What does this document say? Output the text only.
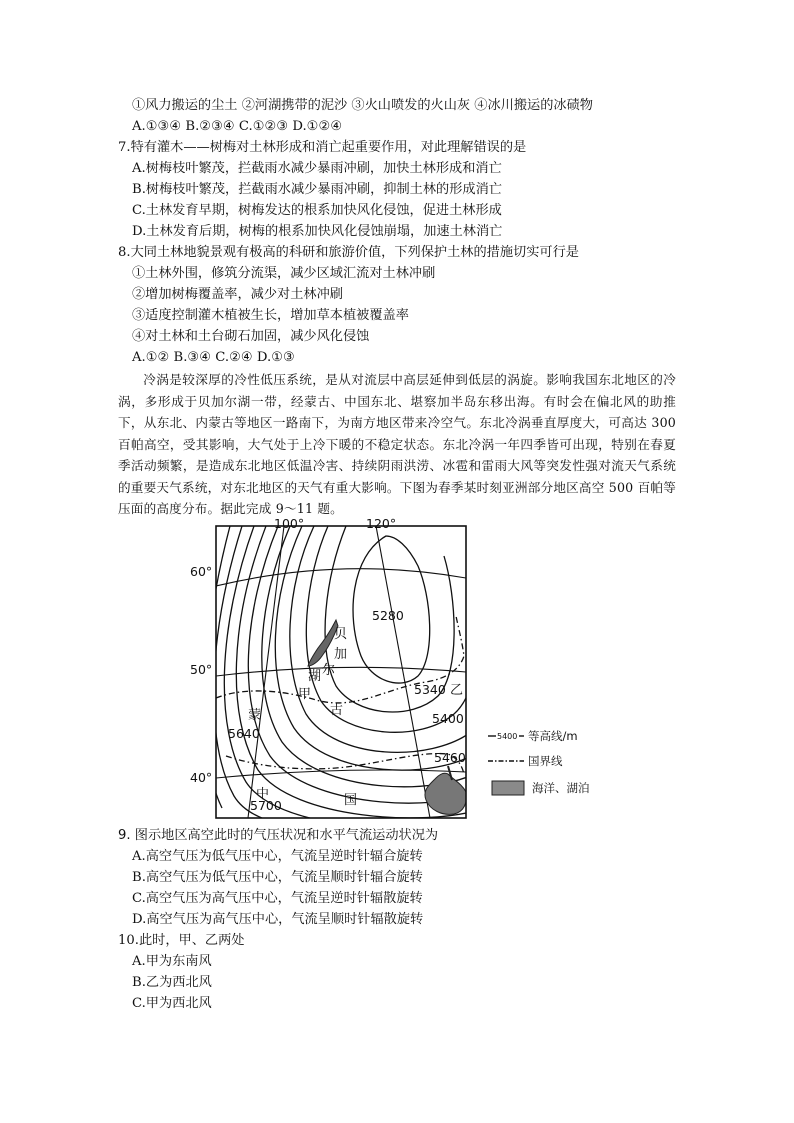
①风力搬运的尘土 ②河湖携带的泥沙 ③火山喷发的火山灰 ④冰川搬运的冰碛物
A.①③④ B.②③④ C.①②③ D.①②④
7.特有灌木——树梅对土林形成和消亡起重要作用，对此理解错误的是
A.树梅枝叶繁茂，拦截雨水减少暴雨冲刷，加快土林形成和消亡
B.树梅枝叶繁茂，拦截雨水减少暴雨冲刷，抑制土林的形成消亡
C.土林发育早期，树梅发达的根系加快风化侵蚀，促进土林形成
D.土林发育后期，树梅的根系加快风化侵蚀崩塌，加速土林消亡
8.大同土林地貌景观有极高的科研和旅游价值，下列保护土林的措施切实可行是
①土林外围，修筑分流渠，减少区域汇流对土林冲刷
②增加树梅覆盖率，减少对土林冲刷
③适度控制灌木植被生长，增加草本植被覆盖率
④对土林和土台砌石加固，减少风化侵蚀
A.①② B.③④ C.②④ D.①③

冷涡是较深厚的冷性低压系统，是从对流层中高层延伸到低层的涡旋。影响我国东北地区的冷涡，多形成于贝加尔湖一带，经蒙古、中国东北、堪察加半岛东移出海。有时会在偏北风的助推下，从东北、内蒙古等地区一路南下，为南方地区带来冷空气。东北冷涡垂直厚度大，可高达 300 百帕高空，受其影响，大气处于上冷下暖的不稳定状态。东北冷涡一年四季皆可出现，特别在春夏季活动频繁，是造成东北地区低温冷害、持续阴雨洪涝、冰雹和雷雨大风等突发性强对流天气系统的重要天气系统，对东北地区的天气有重大影响。下图为春季某时刻亚洲部分地区高空 500 百帕等压面的高度分布。据此完成 9～11 题。

100°	120°
60°
50°
40°
5280
5340
5400
5460
5640
5700
贝
加
尔
湖
甲	乙
蒙	古
中	国
5400 等高线/m
国界线
海洋、湖泊
9. 图示地区高空此时的气压状况和水平气流运动状况为
A.高空气压为低气压中心，气流呈逆时针辐合旋转
B.高空气压为低气压中心，气流呈顺时针辐合旋转
C.高空气压为高气压中心，气流呈逆时针辐散旋转
D.高空气压为高气压中心，气流呈顺时针辐散旋转
10.此时，甲、乙两处
A.甲为东南风
B.乙为西北风
C.甲为西北风
